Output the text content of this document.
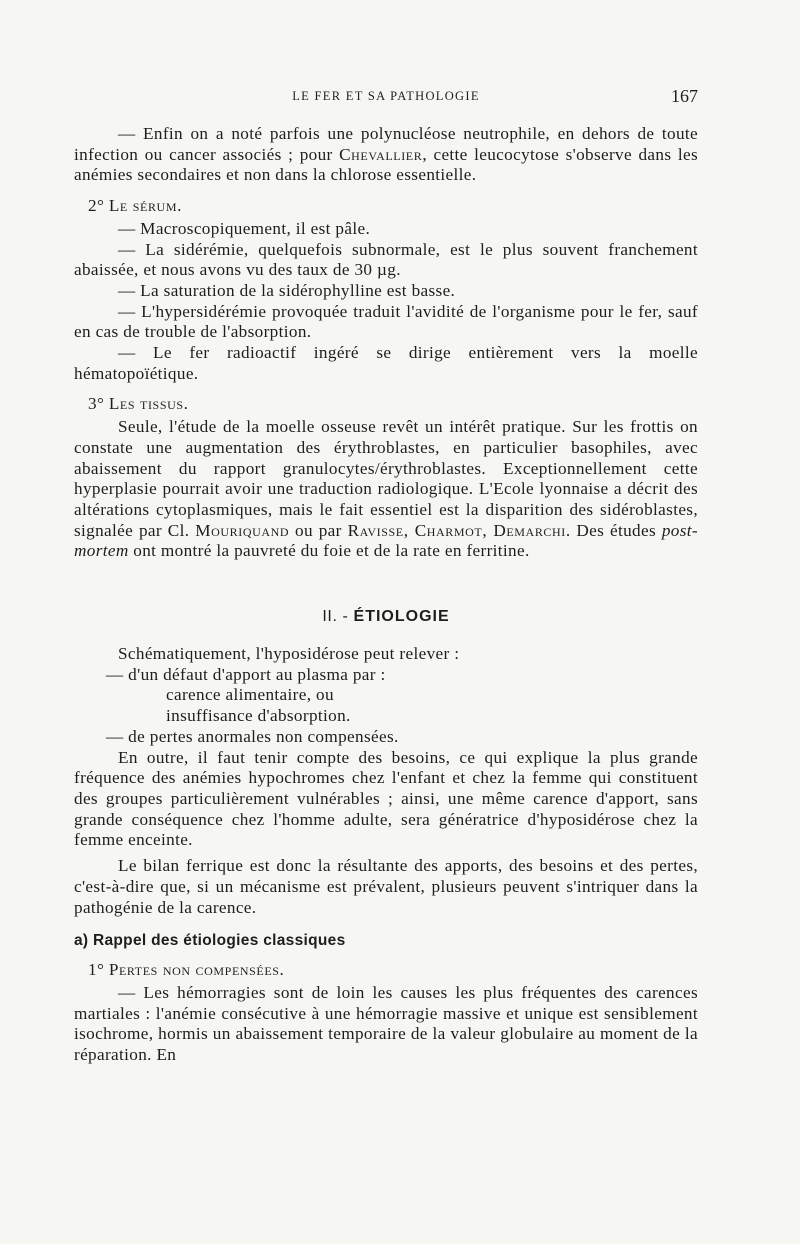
LE FER ET SA PATHOLOGIE	167

— Enfin on a noté parfois une polynucléose neutrophile, en dehors de toute infection ou cancer associés ; pour Chevallier, cette leucocytose s'observe dans les anémies secondaires et non dans la chlorose essentielle.

2° Le sérum.

— Macroscopiquement, il est pâle.

— La sidérémie, quelquefois subnormale, est le plus souvent franchement abaissée, et nous avons vu des taux de 30 µg.

— La saturation de la sidérophylline est basse.

— L'hypersidérémie provoquée traduit l'avidité de l'organisme pour le fer, sauf en cas de trouble de l'absorption.

— Le fer radioactif ingéré se dirige entièrement vers la moelle hématopoïétique.

3° Les tissus.

Seule, l'étude de la moelle osseuse revêt un intérêt pratique. Sur les frottis on constate une augmentation des érythroblastes, en particulier basophiles, avec abaissement du rapport granulocytes/érythroblastes. Exceptionnellement cette hyperplasie pourrait avoir une traduction radiologique. L'Ecole lyonnaise a décrit des altérations cytoplasmiques, mais le fait essentiel est la disparition des sidéroblastes, signalée par Cl. Mouriquand ou par Ravisse, Charmot, Demarchi. Des études post-mortem ont montré la pauvreté du foie et de la rate en ferritine.

II. - ÉTIOLOGIE

Schématiquement, l'hyposidérose peut relever :

— d'un défaut d'apport au plasma par :

carence alimentaire, ou

insuffisance d'absorption.

— de pertes anormales non compensées.

En outre, il faut tenir compte des besoins, ce qui explique la plus grande fréquence des anémies hypochromes chez l'enfant et chez la femme qui constituent des groupes particulièrement vulnérables ; ainsi, une même carence d'apport, sans grande conséquence chez l'homme adulte, sera génératrice d'hyposidérose chez la femme enceinte.

Le bilan ferrique est donc la résultante des apports, des besoins et des pertes, c'est-à-dire que, si un mécanisme est prévalent, plusieurs peuvent s'intriquer dans la pathogénie de la carence.

a) Rappel des étiologies classiques

1° Pertes non compensées.

— Les hémorragies sont de loin les causes les plus fréquentes des carences martiales : l'anémie consécutive à une hémorragie massive et unique est sensiblement isochrome, hormis un abaissement temporaire de la valeur globulaire au moment de la réparation. En
